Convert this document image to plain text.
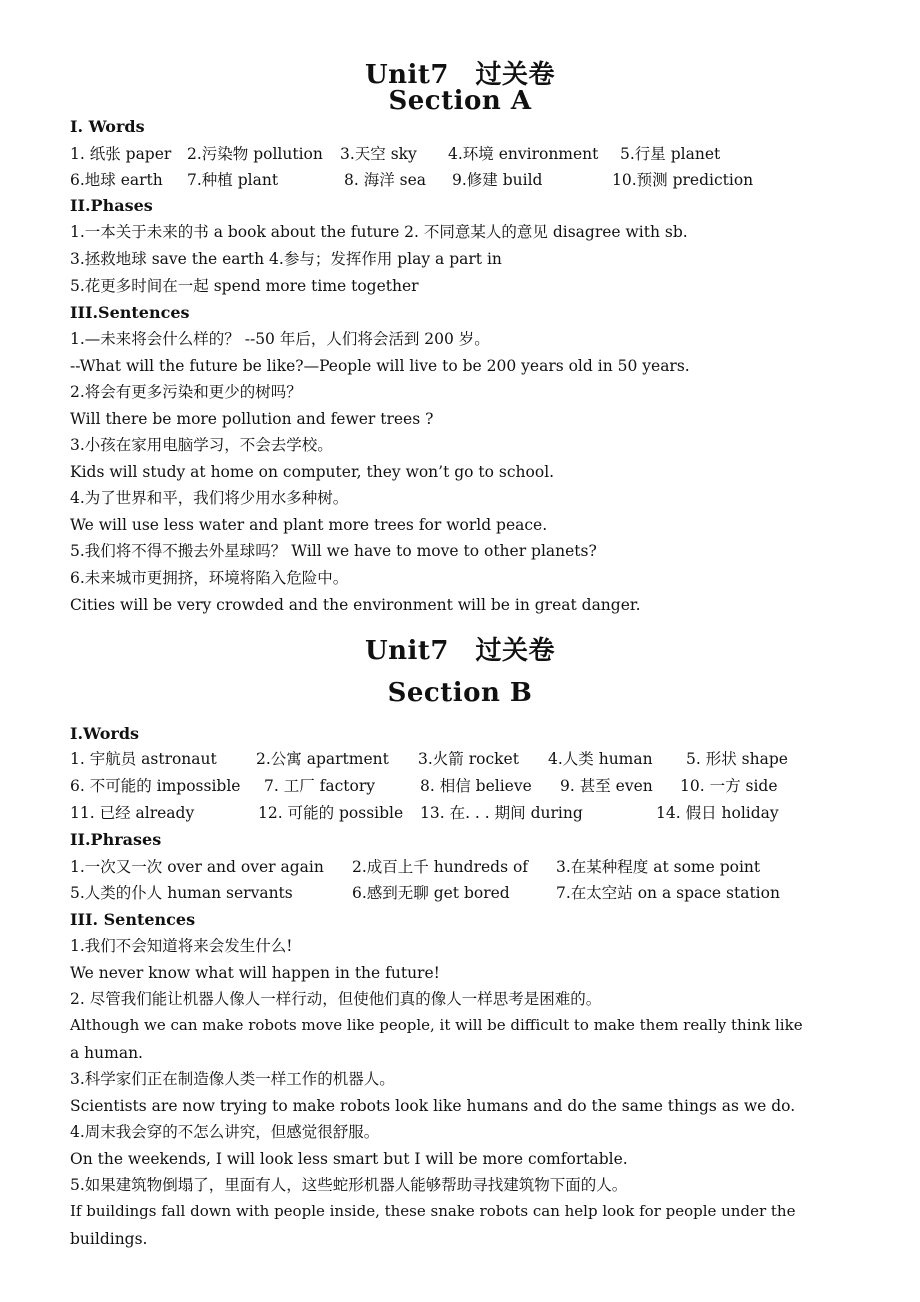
Unit7　过关卷
Section A
I. Words
1. 纸张 paper 2.污染物 pollution 3.天空 sky 4.环境 environment 5.行星 planet
6.地球 earth 7.种植 plant	8. 海洋 sea 9.修建 build	10.预测 prediction
II.Phases
1.一本关于未来的书 a book about the future 2. 不同意某人的意见 disagree with sb.
3.拯救地球 save the earth 4.参与；发挥作用 play a part in
5.花更多时间在一起 spend more time together
III.Sentences
1.—未来将会什么样的？ --50 年后，人们将会活到 200 岁。
--What will the future be like?—People will live to be 200 years old in 50 years.
2.将会有更多污染和更少的树吗？
Will there be more pollution and fewer trees ?
3.小孩在家用电脑学习，不会去学校。
Kids will study at home on computer, they won’t go to school.
4.为了世界和平，我们将少用水多种树。
We will use less water and plant more trees for world peace.
5.我们将不得不搬去外星球吗？ Will we have to move to other planets?
6.未来城市更拥挤，环境将陷入危险中。
Cities will be very crowded and the environment will be in great danger.
Unit7　过关卷
Section B
I.Words
1. 宇航员 astronaut	2.公寓 apartment 3.火箭 rocket 4.人类 human 5. 形状 shape
6. 不可能的 impossible 7. 工厂 factory	8. 相信 believe 9. 甚至 even 10. 一方 side
11. 已经 already	12. 可能的 possible 13. 在. . . 期间 during	14. 假日 holiday
II.Phrases
1.一次又一次 over and over again 2.成百上千 hundreds of 3.在某种程度 at some point
5.人类的仆人 human servants	6.感到无聊 get bored	7.在太空站 on a space station
III. Sentences
1.我们不会知道将来会发生什么!
We never know what will happen in the future!
2. 尽管我们能让机器人像人一样行动，但使他们真的像人一样思考是困难的。
Although we can make robots move like people, it will be difficult to make them really think like
a human.
3.科学家们正在制造像人类一样工作的机器人。
Scientists are now trying to make robots look like humans and do the same things as we do.
4.周末我会穿的不怎么讲究，但感觉很舒服。
On the weekends, I will look less smart but I will be more comfortable.
5.如果建筑物倒塌了，里面有人，这些蛇形机器人能够帮助寻找建筑物下面的人。
If buildings fall down with people inside, these snake robots can help look for people under the
buildings.
